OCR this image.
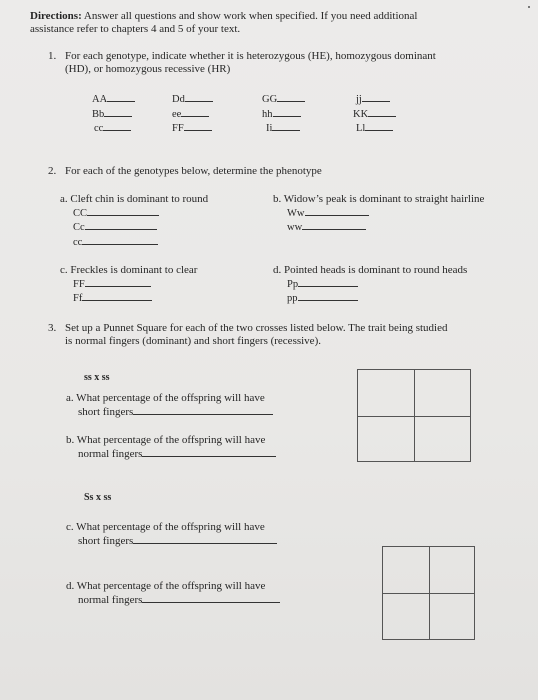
Directions: Answer all questions and show work when specified. If you need additional
assistance refer to chapters 4 and 5 of your text.
1. For each genotype, indicate whether it is heterozygous (HE), homozygous dominant
(HD), or homozygous recessive (HR)
AA	Dd	GG	jj
Bb	ee	hh	KK
cc	FF	Ii	Ll
2. For each of the genotypes below, determine the phenotype
a. Cleft chin is dominant to round
CC
Cc
cc
b. Widow’s peak is dominant to straight hairline
Ww
ww
c. Freckles is dominant to clear
FF
Ff
d. Pointed heads is dominant to round heads
Pp
pp
3. Set up a Punnet Square for each of the two crosses listed below. The trait being studied
is normal fingers (dominant) and short fingers (recessive).
ss x ss
a. What percentage of the offspring will have
short fingers
b. What percentage of the offspring will have
normal fingers
Ss x ss
c. What percentage of the offspring will have
short fingers
d. What percentage of the offspring will have
normal fingers
